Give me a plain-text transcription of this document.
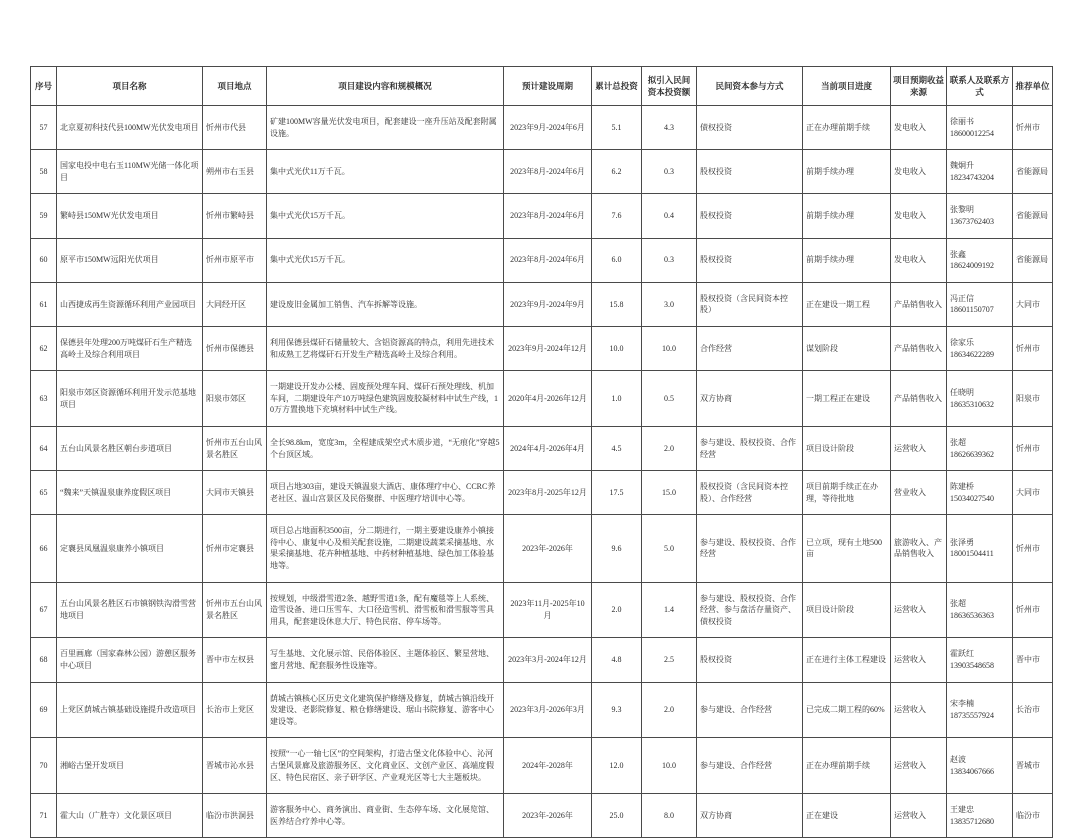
序号	项目名称	项目地点	项目建设内容和规模概况	预计建设周期	累计总投资	拟引入民间资本投资额	民间资本参与方式	当前项目进度	项目预期收益来源	联系人及联系方式	推荐单位
57	北京夏初科技代县100MW光伏发电项目	忻州市代县	矿建100MW容量光伏发电项目，配套建设一座升压站及配套附属设施。	2023年9月-2024年6月	5.1	4.3	债权投资	正在办理前期手续	发电收入	徐丽书
18600012254	忻州市
58	国家电投中电右玉110MW光储一体化项目	朔州市右玉县	集中式光伏11万千瓦。	2023年8月-2024年6月	6.2	0.3	股权投资	前期手续办理	发电收入	魏炯升
18234743204	省能源局
59	繁峙县150MW光伏发电项目	忻州市繁峙县	集中式光伏15万千瓦。	2023年8月-2024年6月	7.6	0.4	股权投资	前期手续办理	发电收入	张黎明
13673762403	省能源局
60	原平市150MW远阳光伏项目	忻州市原平市	集中式光伏15万千瓦。	2023年8月-2024年6月	6.0	0.3	股权投资	前期手续办理	发电收入	张鑫
18624009192	省能源局
61	山西捷成再生资源循环利用产业园项目	大同经开区	建设废旧金属加工销售、汽车拆解等设施。	2023年9月-2024年9月	15.8	3.0	股权投资（含民间资本控股）	正在建设一期工程	产品销售收入	冯正信
18601150707	大同市
62	保德县年处理200万吨煤矸石生产精选高岭土及综合利用项目	忻州市保德县	利用保德县煤矸石储量较大、含铝资源高的特点，利用先进技术和成熟工艺将煤矸石开发生产精选高岭土及综合利用。	2023年9月-2024年12月	10.0	10.0	合作经营	谋划阶段	产品销售收入	徐家乐
18634622289	忻州市
63	阳泉市郊区资源循环利用开发示范基地项目	阳泉市郊区	一期建设开发办公楼、固废预处理车间、煤矸石预处理线、机加车间，二期建设年产10万吨绿色建筑固废胶凝材料中试生产线，10万方置换地下充填材料中试生产线。	2020年4月-2026年12月	1.0	0.5	双方协商	一期工程正在建设	产品销售收入	任晓明
18635310632	阳泉市
64	五台山风景名胜区朝台步道项目	忻州市五台山风景名胜区	全长98.8km，宽度3m，全程建成架空式木质步道，“无痕化”穿越5个台顶区域。	2024年4月-2026年4月	4.5	2.0	参与建设、股权投资、合作经营	项目设计阶段	运营收入	张超
18626639362	忻州市
65	“魏来”天镇温泉康养度假区项目	大同市天镇县	项目占地303亩，建设天镇温泉大酒店、康体理疗中心、CCRC养老社区、温山宫景区及民俗聚群、中医理疗培训中心等。	2023年8月-2025年12月	17.5	15.0	股权投资（含民间资本控股）、合作经营	项目前期手续正在办理，等待批地	营业收入	陈建桥
15034027540	大同市
66	定襄县凤凰温泉康养小镇项目	忻州市定襄县	项目总占地面积3500亩，分二期进行，一期主要建设康养小镇接待中心、康复中心及相关配套设施，二期建设蔬菜采摘基地、水果采摘基地、花卉种植基地、中药材种植基地、绿色加工体验基地等。	2023年-2026年	9.6	5.0	参与建设、股权投资、合作经营	已立项，现有土地500亩	旅游收入、产品销售收入	张泽勇
18001504411	忻州市
67	五台山风景名胜区石市镇钢铁沟滑雪营地项目	忻州市五台山风景名胜区	按规划，中级滑雪道2条、越野雪道1条，配有魔毯等上人系统、造雪设备、进口压雪车、大口径造雪机、滑雪板和滑雪服等雪具用具，配套建设休息大厅、特色民宿、停车场等。	2023年11月-2025年10月	2.0	1.4	参与建设、股权投资、合作经营、参与盘活存量资产、债权投资	项目设计阶段	运营收入	张超
18636536363	忻州市
68	百里画廊（国家森林公园）游憩区服务中心项目	晋中市左权县	写生基地、文化展示馆、民俗体验区、主题体验区、繁星营地、蜜月营地、配套服务性设施等。	2023年3月-2024年12月	4.8	2.5	股权投资	正在进行主体工程建设	运营收入	霍跃红
13903548658	晋中市
69	上党区荫城古镇基础设施提升改造项目	长治市上党区	荫城古镇核心区历史文化建筑保护修缮及修复，荫城古镇沿线开发建设、老影院修复、粮仓修缮建设、琚山书院修复、游客中心建设等。	2023年3月-2026年3月	9.3	2.0	参与建设、合作经营	已完成二期工程的60%	运营收入	宋李楠
18735557924	长治市
70	湘峪古堡开发项目	晋城市沁水县	按照“一心一轴七区”的空间架构，打造古堡文化体验中心、沁河古堡风景廊及旅游服务区、文化商业区、文创产业区、高端度假区、特色民宿区、亲子研学区、产业观光区等七大主题板块。	2024年-2028年	12.0	10.0	参与建设、合作经营	正在办理前期手续	运营收入	赵波
13834067666	晋城市
71	霍大山（广胜寺）文化景区项目	临汾市洪洞县	游客服务中心、商务演出、商业街、生态停车场、文化展览馆、医养结合疗养中心等。	2023年-2026年	25.0	8.0	双方协商	正在建设	运营收入	王建忠
13835712680	临汾市
